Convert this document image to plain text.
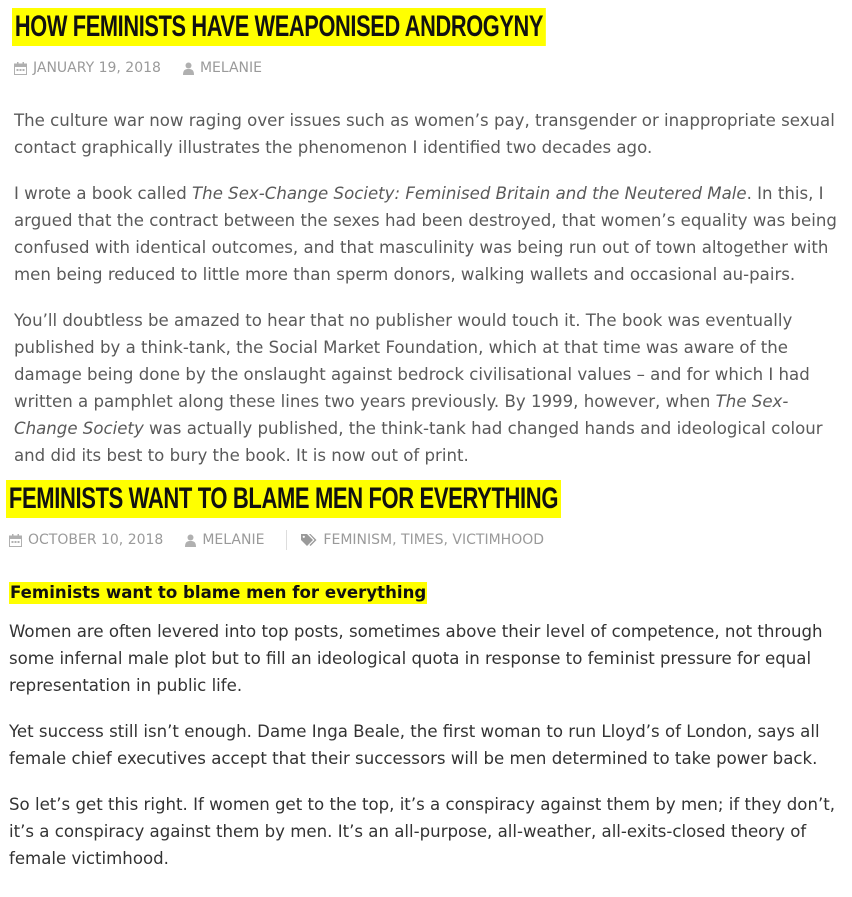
HOW FEMINISTS HAVE WEAPONISED ANDROGYNY
JANUARY 19, 2018	MELANIE

The culture war now raging over issues such as women’s pay, transgender or inappropriate sexual contact graphically illustrates the phenomenon I identified two decades ago.

I wrote a book called The Sex-Change Society: Feminised Britain and the Neutered Male. In this, I argued that the contract between the sexes had been destroyed, that women’s equality was being confused with identical outcomes, and that masculinity was being run out of town altogether with men being reduced to little more than sperm donors, walking wallets and occasional au-pairs.

You’ll doubtless be amazed to hear that no publisher would touch it. The book was eventually published by a think-tank, the Social Market Foundation, which at that time was aware of the damage being done by the onslaught against bedrock civilisational values – and for which I had written a pamphlet along these lines two years previously. By 1999, however, when The Sex-Change Society was actually published, the think-tank had changed hands and ideological colour and did its best to bury the book. It is now out of print.

FEMINISTS WANT TO BLAME MEN FOR EVERYTHING
OCTOBER 10, 2018	MELANIE	FEMINISM , TIMES , VICTIMHOOD
Feminists want to blame men for everything

Women are often levered into top posts, sometimes above their level of competence, not through some infernal male plot but to fill an ideological quota in response to feminist pressure for equal representation in public life.

Yet success still isn’t enough. Dame Inga Beale, the first woman to run Lloyd’s of London, says all female chief executives accept that their successors will be men determined to take power back.

So let’s get this right. If women get to the top, it’s a conspiracy against them by men; if they don’t, it’s a conspiracy against them by men. It’s an all-purpose, all-weather, all-exits-closed theory of female victimhood.
